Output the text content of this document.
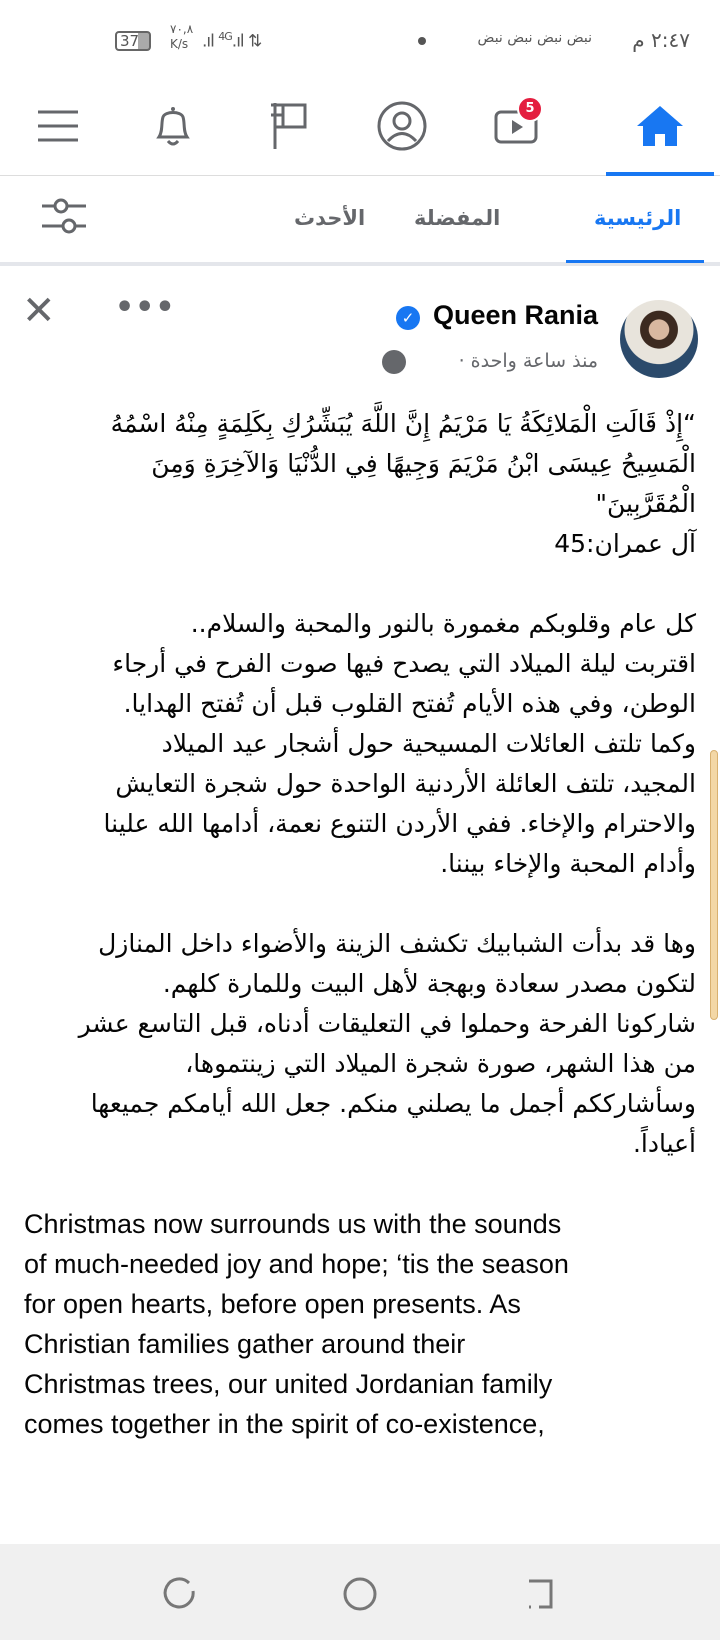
37
٧٠,٨
K/s .ıl $^{4G}$.ıl ⇅	نبض نبض نبض نبض ٢:٤٧ م
5
الأحدث المفضلة	الرئيسية
Queen Rania
✓
منذ ساعة واحدة ·
•••
✕
“إِذْ قَالَتِ الْمَلائِكَةُ يَا مَرْيَمُ إِنَّ اللَّهَ يُبَشِّرُكِ بِكَلِمَةٍ مِنْهُ اسْمُهُ
الْمَسِيحُ عِيسَى ابْنُ مَرْيَمَ وَجِيهًا فِي الدُّنْيَا وَالآخِرَةِ وَمِنَ
الْمُقَرَّبِينَ"
آل عمران:45
كل عام وقلوبكم مغمورة بالنور والمحبة والسلام..
اقتربت ليلة الميلاد التي يصدح فيها صوت الفرح في أرجاء
الوطن، وفي هذه الأيام تُفتح القلوب قبل أن تُفتح الهدايا.
وكما تلتف العائلات المسيحية حول أشجار عيد الميلاد
المجيد، تلتف العائلة الأردنية الواحدة حول شجرة التعايش
والاحترام والإخاء. ففي الأردن التنوع نعمة، أدامها الله علينا
وأدام المحبة والإخاء بيننا.
وها قد بدأت الشبابيك تكشف الزينة والأضواء داخل المنازل
لتكون مصدر سعادة وبهجة لأهل البيت وللمارة كلهم.
شاركونا الفرحة وحملوا في التعليقات أدناه، قبل التاسع عشر
من هذا الشهر، صورة شجرة الميلاد التي زينتموها،
وسأشارككم أجمل ما يصلني منكم. جعل الله أيامكم جميعها
أعياداً.
Christmas now surrounds us with the sounds
of much-needed joy and hope; ‘tis the season
for open hearts, before open presents. As
Christian families gather around their
Christmas trees, our united Jordanian family
comes together in the spirit of co-existence,
